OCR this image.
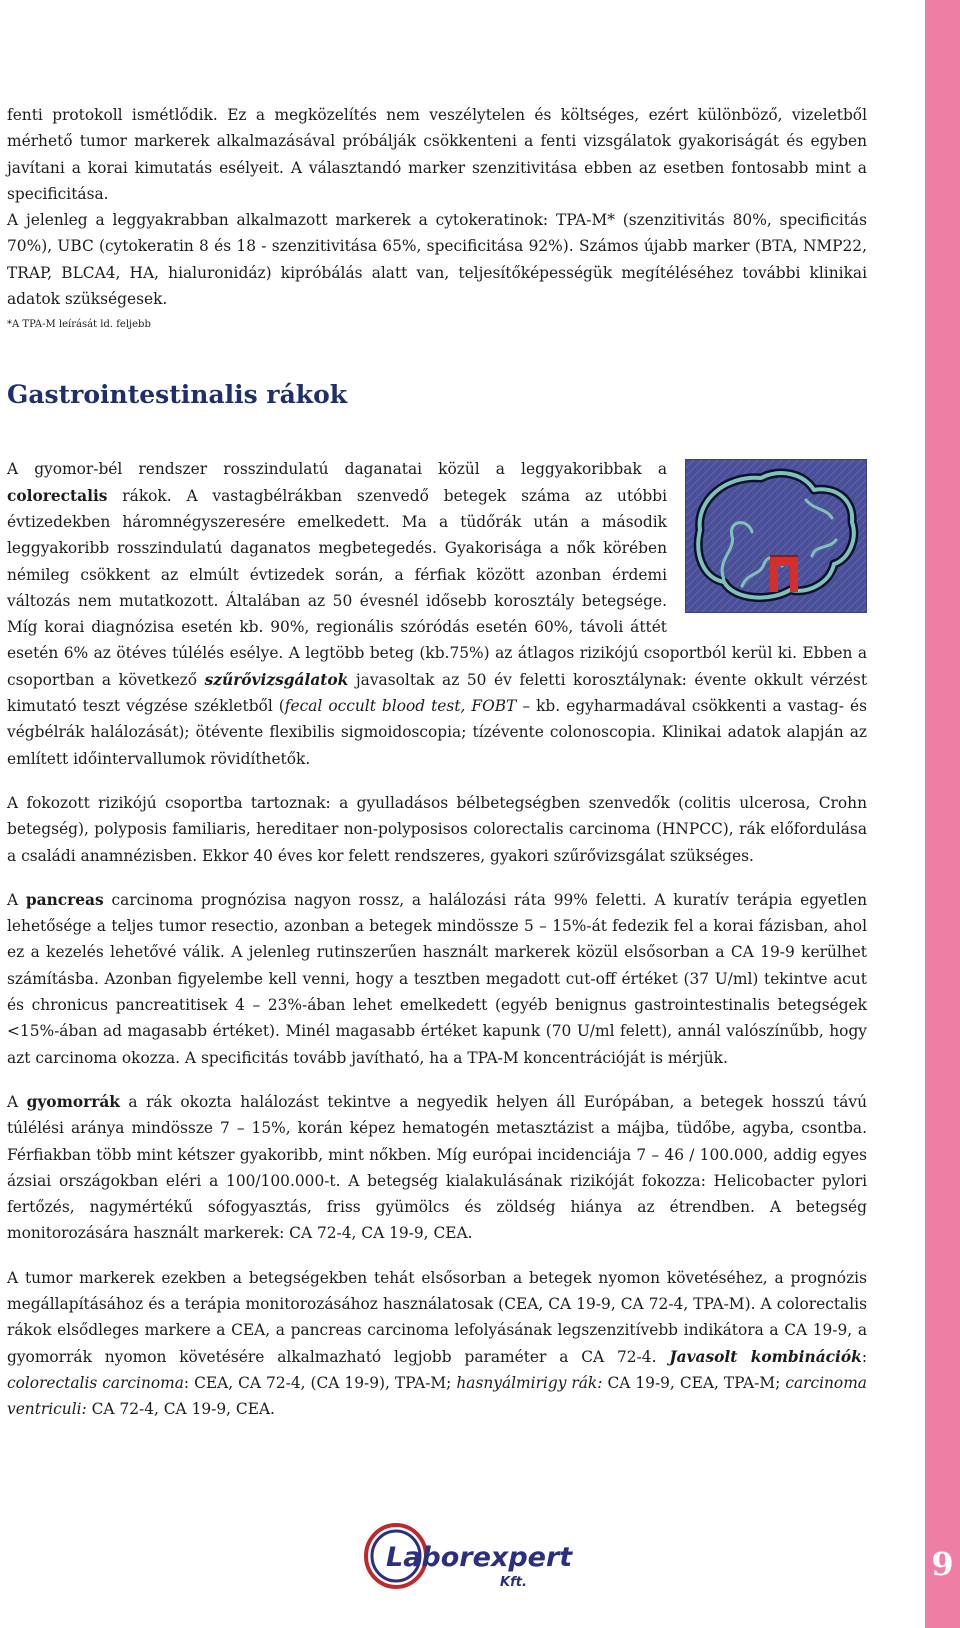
9

fenti protokoll ismétlődik. Ez a megközelítés nem veszélytelen és költséges, ezért különböző, vizeletből mérhető tumor markerek alkalmazásával próbálják csökkenteni a fenti vizsgálatok gyakoriságát és egyben javítani a korai kimutatás esélyeit. A választandó marker szenzitivitása ebben az esetben fontosabb mint a specificitása.

A jelenleg a leggyakrabban alkalmazott markerek a cytokeratinok: TPA-M* (szenzitivitás 80%, specificitás 70%), UBC (cytokeratin 8 és 18 - szenzitivitása 65%, specificitása 92%). Számos újabb marker (BTA, NMP22, TRAP, BLCA4, HA, hialuronidáz) kipróbálás alatt van, teljesítőképességük megítéléséhez további klinikai adatok szükségesek.

*A TPA-M leírását ld. feljebb

Gastrointestinalis rákok

A gyomor-bél rendszer rosszindulatú daganatai közül a leggyakoribbak a colorectalis rákok. A vastagbélrákban szenvedő betegek száma az utóbbi évtizedekben háromnégyszeresére emelkedett. Ma a tüdőrák után a második leggyakoribb rosszindulatú daganatos megbetegedés. Gyakorisága a nők körében némileg csökkent az elmúlt évtizedek során, a férfiak között azonban érdemi változás nem mutatkozott. Általában az 50 évesnél idősebb korosztály betegsége. Míg korai diagnózisa esetén kb. 90%, regionális szóródás esetén 60%, távoli áttét esetén 6% az ötéves túlélés esélye. A legtöbb beteg (kb.75%) az átlagos rizikójú csoportból kerül ki. Ebben a csoportban a következő szűrővizsgálatok javasoltak az 50 év feletti korosztálynak: évente okkult vérzést kimutató teszt végzése székletből (fecal occult blood test, FOBT – kb. egyharmadával csökkenti a vastag- és végbélrák halálozását); ötévente flexibilis sigmoidoscopia; tízévente colonoscopia. Klinikai adatok alapján az említett időintervallumok rövidíthetők.

A fokozott rizikójú csoportba tartoznak: a gyulladásos bélbetegségben szenvedők (colitis ulcerosa, Crohn betegség), polyposis familiaris, hereditaer non-polyposisos colorectalis carcinoma (HNPCC), rák előfordulása a családi anamnézisben. Ekkor 40 éves kor felett rendszeres, gyakori szűrővizsgálat szükséges.

A pancreas carcinoma prognózisa nagyon rossz, a halálozási ráta 99% feletti. A kuratív terápia egyetlen lehetősége a teljes tumor resectio, azonban a betegek mindössze 5 – 15%-át fedezik fel a korai fázisban, ahol ez a kezelés lehetővé válik. A jelenleg rutinszerűen használt markerek közül elsősorban a CA 19-9 kerülhet számításba. Azonban figyelembe kell venni, hogy a tesztben megadott cut-off értéket (37 U/ml) tekintve acut és chronicus pancreatitisek 4 – 23%-ában lehet emelkedett (egyéb benignus gastrointestinalis betegségek <15%-ában ad magasabb értéket). Minél magasabb értéket kapunk (70 U/ml felett), annál valószínűbb, hogy azt carcinoma okozza. A specificitás tovább javítható, ha a TPA-M koncentrációját is mérjük.

A gyomorrák a rák okozta halálozást tekintve a negyedik helyen áll Európában, a betegek hosszú távú túlélési aránya mindössze 7 – 15%, korán képez hematogén metasztázist a májba, tüdőbe, agyba, csontba. Férfiakban több mint kétszer gyakoribb, mint nőkben. Míg európai incidenciája 7 – 46 / 100.000, addig egyes ázsiai országokban eléri a 100/100.000-t. A betegség kialakulásának rizikóját fokozza: Helicobacter pylori fertőzés, nagymértékű sófogyasztás, friss gyümölcs és zöldség hiánya az étrendben. A betegség monitorozására használt markerek: CA 72-4, CA 19-9, CEA.

A tumor markerek ezekben a betegségekben tehát elsősorban a betegek nyomon követéséhez, a prognózis megállapításához és a terápia monitorozásához használatosak (CEA, CA 19-9, CA 72-4, TPA-M). A colorectalis rákok elsődleges markere a CEA, a pancreas carcinoma lefolyásának legszenzitívebb indikátora a CA 19-9, a gyomorrák nyomon követésére alkalmazható legjobb paraméter a CA 72-4. Javasolt kombinációk: colorectalis carcinoma: CEA, CA 72-4, (CA 19-9), TPA-M; hasnyálmirigy rák: CA 19-9, CEA, TPA-M; carcinoma ventriculi: CA 72-4, CA 19-9, CEA.

Laborexpert
Kft.
